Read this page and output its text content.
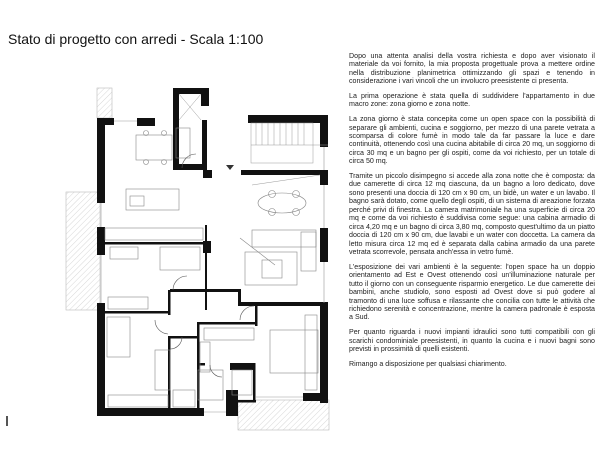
Stato di progetto con arredi - Scala 1:100
Dopo una attenta analisi della vostra richiesta e dopo aver visionato il materiale da voi fornito, la mia proposta progettuale prova a mettere ordine nella distribuzione planimetrica ottimizzando gli spazi e tenendo in considerazione i vari vincoli che un involucro preesistente ci presenta.
La prima operazione è stata quella di suddividere l'appartamento in due macro zone: zona giorno e zona notte.
La zona giorno è stata concepita come un open space con la possibilità di separare gli ambienti, cucina e soggiorno, per mezzo di una parete vetrata a scomparsa di colore fumè in modo tale da far passare la luce e dare continuità, ottenendo così una cucina abitabile di circa 20 mq, un soggiorno di circa 30 mq e un bagno per gli ospiti, come da voi richiesto, per un totale di circa 50 mq.
Tramite un piccolo disimpegno si accede alla zona notte che è composta: da due camerette di circa 12 mq ciascuna, da un bagno a loro dedicato, dove sono presenti una doccia di 120 cm x 90 cm, un bidè, un water e un lavabo. Il bagno sarà dotato, come quello degli ospiti, di un sistema di areazione forzata perché privi di finestra. La camera matrimoniale ha una superficie di circa 20 mq e come da voi richiesto è suddivisa come segue: una cabina armadio di circa 4,20 mq e un bagno di circa 3,80 mq, composto quest'ultimo da un piatto doccia di 120 cm x 90 cm, due lavabi e un water con doccetta. La camera da letto misura circa 12 mq ed è separata dalla cabina armadio da una parete vetrata scorrevole, pensata anch'essa in vetro fumè.
L'esposizione dei vari ambienti è la seguente: l'open space ha un doppio orientamento ad Est e Ovest ottenendo così un'illuminazione naturale per tutto il giorno con un conseguente risparmio energetico. Le due camerette dei bambini, anche studiolo, sono esposti ad Ovest dove si può godere al tramonto di una luce soffusa e rilassante che concilia con tutte le attività che richiedono serenità e concentrazione, mentre la camera padronale è esposta a Sud.
Per quanto riguarda i nuovi impianti idraulici sono tutti compatibili con gli scarichi condominiale preesistenti, in quanto la cucina e i nuovi bagni sono previsti in prossimità di quelli esistenti.
Rimango a disposizione per qualsiasi chiarimento.
